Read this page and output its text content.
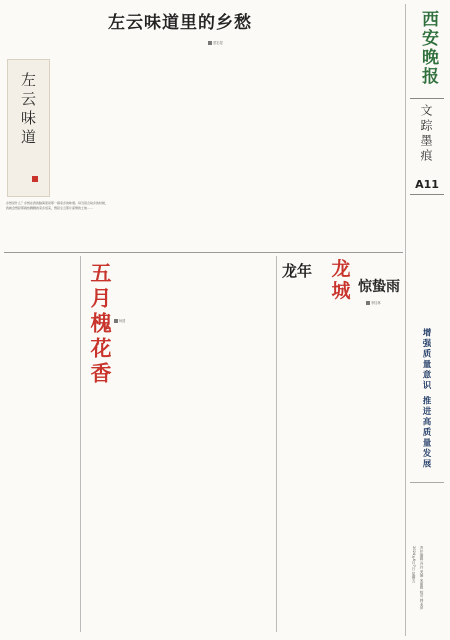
西安晚报
文踪墨痕
A11
增强质量意识 推进高质量发展
2024年6月7日 星期五 责任编辑 冯玲 美编 宋丽娟 校对 韩亚萍
左云味道里的乡愁
蔡宏超
左云味道
乡愁是什么？乡愁在我的脑海里是那一碗家乡的味道。每当思念故乡的时候，我就会想起那碗热腾腾的家乡饭菜，想起左云那片深情的土地……
五月槐花香	杨建
龙年 龙城 惊蛰雨
李桂林
